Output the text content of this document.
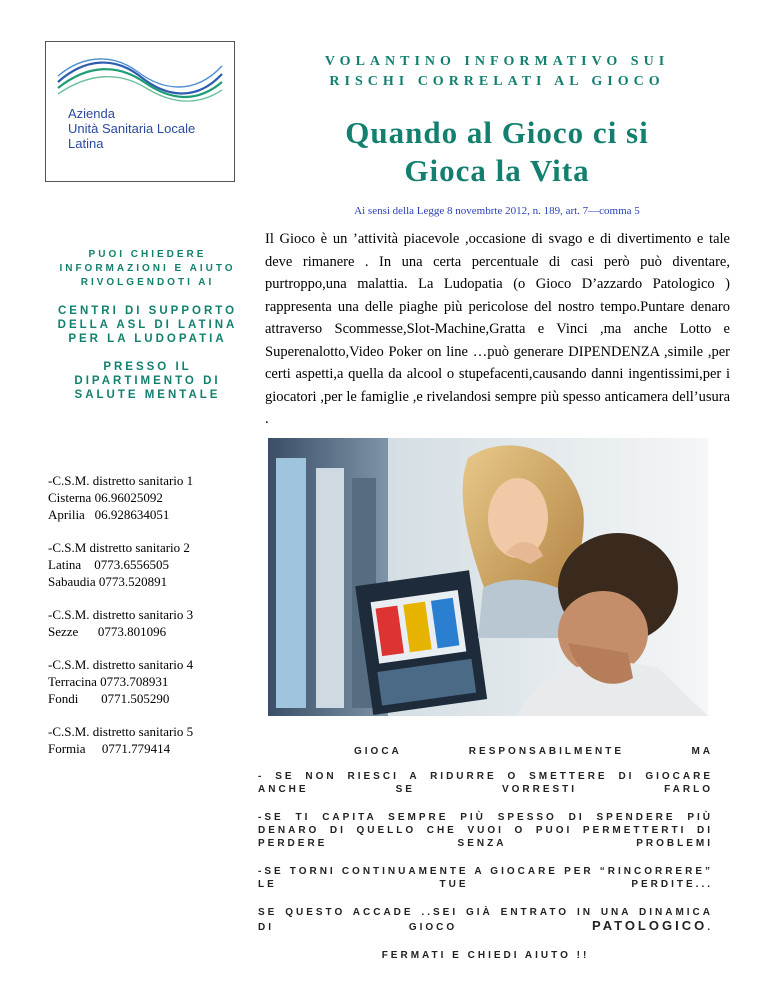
Azienda
Unità Sanitaria Locale
Latina
VOLANTINO INFORMATIVO SUI
RISCHI CORRELATI AL GIOCO
Quando al Gioco ci si
Gioca la Vita
Ai sensi della Legge 8 novembrte 2012, n. 189, art. 7—comma 5
PUOI CHIEDERE INFORMAZIONI E AIUTO RIVOLGENDOTI AI
CENTRI DI SUPPORTO DELLA ASL DI LATINA PER LA LUDOPATIA
PRESSO IL DIPARTIMENTO DI SALUTE MENTALE
Il Gioco è un ’attività piacevole ,occasione di svago e di divertimento e tale deve rimanere . In una certa percentuale di casi però può diventare, purtroppo,una malattia. La Ludopatia (o Gioco D’azzardo Patologico ) rappresenta una delle piaghe più pericolose del nostro tempo.Puntare denaro attraverso Scommesse,Slot-Machine,Gratta e Vinci ,ma anche Lotto e Superenalotto,Video Poker on line …può generare DIPENDENZA ,simile ,per certi aspetti,a quella da alcool o stupefacenti,causando danni ingentissimi,per i giocatori ,per le famiglie ,e rivelandosi sempre più spesso anticamera dell’usura .
-C.S.M. distretto sanitario 1
Cisterna 06.96025092
Aprilia 06.928634051
-C.S.M distretto sanitario 2
Latina 0773.6556505
Sabaudia 0773.520891
-C.S.M. distretto sanitario 3
Sezze 0773.801096
-C.S.M. distretto sanitario 4
Terracina 0773.708931
Fondi 0771.505290
-C.S.M. distretto sanitario 5
Formia 0771.779414	GIOCA RESPONSABILMENTE MA
- SE NON RIESCI A RIDURRE O SMETTERE DI GIOCARE ANCHE SE VORRESTI FARLO
-SE TI CAPITA SEMPRE PIÙ SPESSO DI SPENDERE PIÙ DENARO DI QUELLO CHE VUOI O PUOI PERMETTERTI DI PERDERE SENZA PROBLEMI
-SE TORNI CONTINUAMENTE A GIOCARE PER “RINCORRERE” LE TUE PERDITE...
SE QUESTO ACCADE ..SEI GIÀ ENTRATO IN UNA DINAMICA DI GIOCO	PATOLOGICO.
FERMATI E CHIEDI AIUTO !!
